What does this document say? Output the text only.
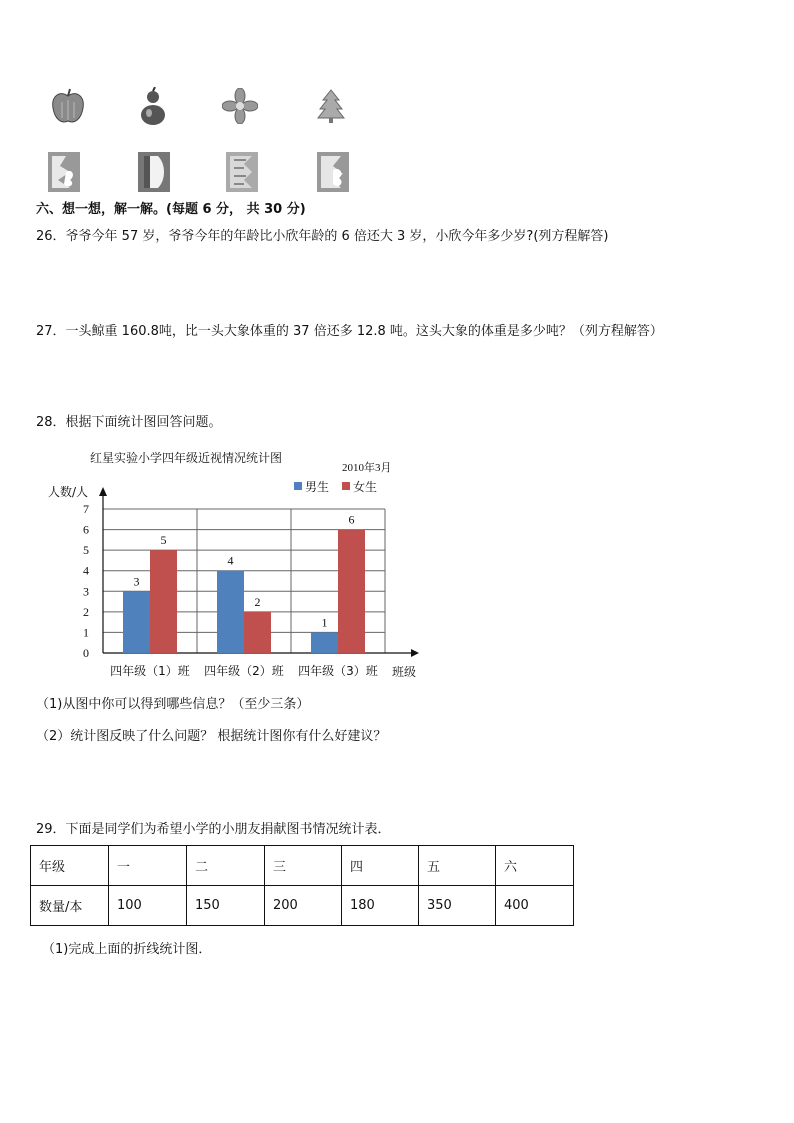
六、想一想，解一解。(每题 6 分， 共 30 分)
26．爷爷今年 57 岁，爷爷今年的年龄比小欣年龄的 6 倍还大 3 岁，小欣今年多少岁?(列方程解答)
27．一头鲸重 160.8吨，比一头大象体重的 37 倍还多 12.8 吨。这头大象的体重是多少吨？（列方程解答）
28．根据下面统计图回答问题。
红星实验小学四年级近视情况统计图
2010年3月
人数/人
班级
0
1
2
3
4
5
6
7
3
5
四年级（1）班
4
2
四年级（2）班
1
6
四年级（3）班
男生 女生
（1)从图中你可以得到哪些信息？（至少三条）
（2）统计图反映了什么问题？ 根据统计图你有什么好建议？
29．下面是同学们为希望小学的小朋友捐献图书情况统计表．
年级	一	二	三	四	五	六
数量/本	100	150	200	180	350	400
（1)完成上面的折线统计图．
